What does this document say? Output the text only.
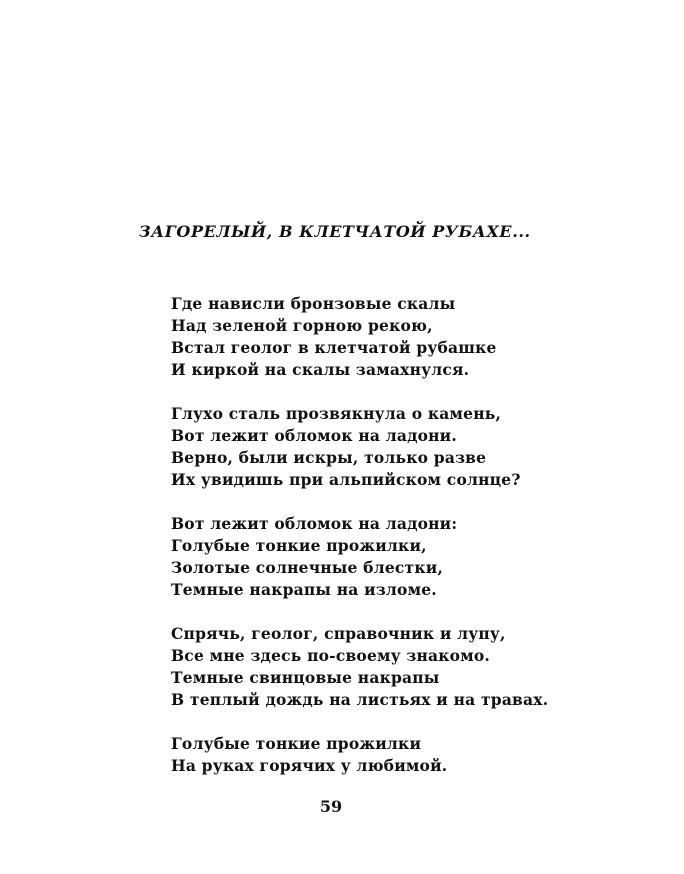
ЗАГОРЕЛЫЙ, В КЛЕТЧАТОЙ РУБАХЕ...
Где нависли бронзовые скалы
Над зеленой горною рекою,
Встал геолог в клетчатой рубашке
И киркой на скалы замахнулся.
Глухо сталь прозвякнула о камень,
Вот лежит обломок на ладони.
Верно, были искры, только разве
Их увидишь при альпийском солнце?
Вот лежит обломок на ладони:
Голубые тонкие прожилки,
Золотые солнечные блестки,
Темные накрапы на изломе.
Спрячь, геолог, справочник и лупу,
Все мне здесь по-своему знакомо.
Темные свинцовые накрапы
В теплый дождь на листьях и на травах.
Голубые тонкие прожилки
На руках горячих у любимой.
59
